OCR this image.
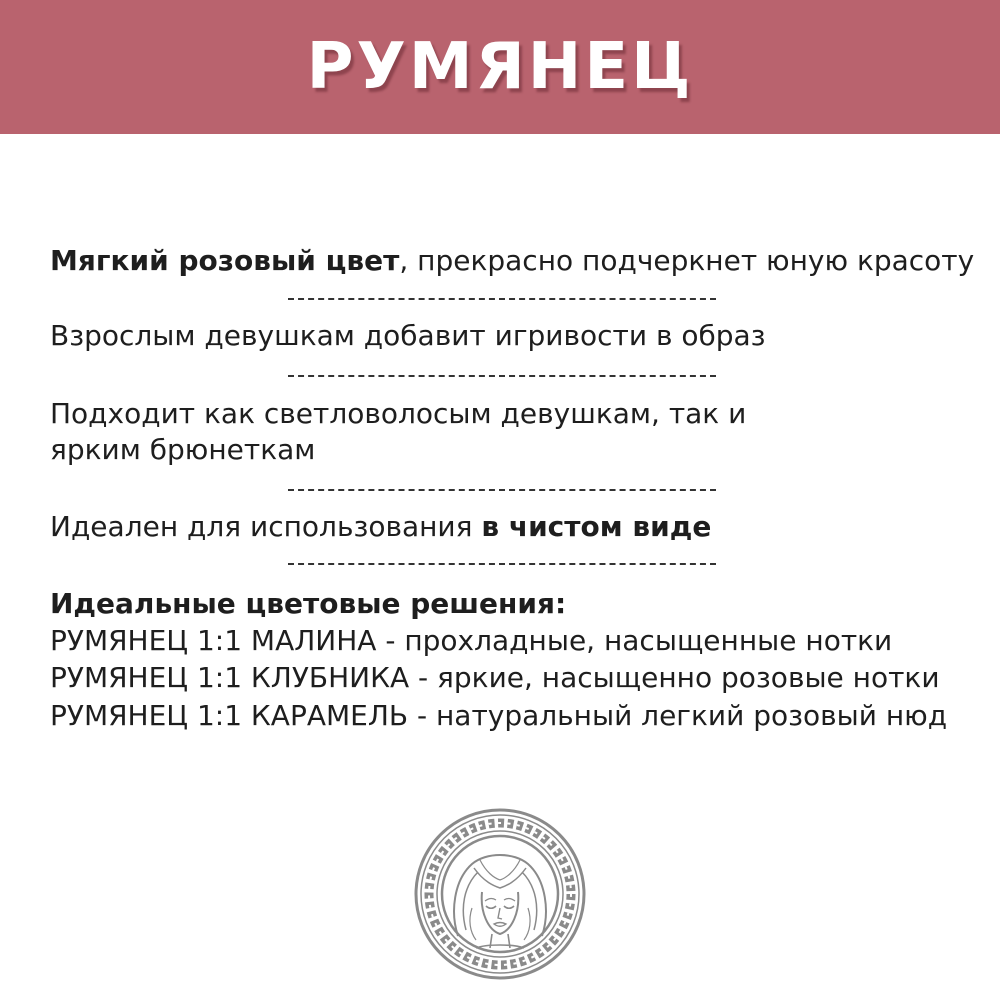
РУМЯНЕЦ
Мягкий розовый цвет, прекрасно подчеркнет юную красоту
Взрослым девушкам добавит игривости в образ
Подходит как светловолосым девушкам, так и
ярким брюнеткам
Идеален для использования в чистом виде
Идеальные цветовые решения:
РУМЯНЕЦ 1:1 МАЛИНА - прохладные, насыщенные нотки
РУМЯНЕЦ 1:1 КЛУБНИКА - яркие, насыщенно розовые нотки
РУМЯНЕЦ 1:1 КАРАМЕЛЬ - натуральный легкий розовый нюд
